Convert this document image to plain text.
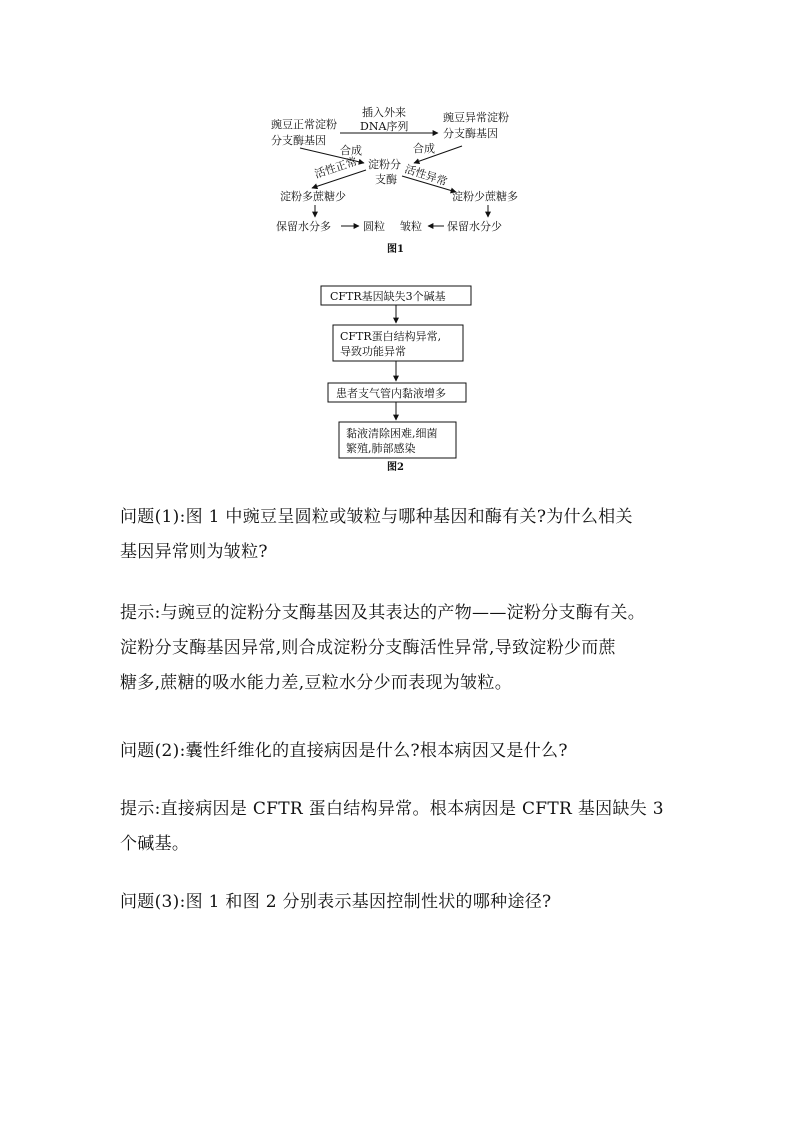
豌豆正常淀粉
分支酶基因
插入外来
DNA序列
豌豆异常淀粉
分支酶基因
合成	合成
淀粉分
支酶
活性正常	活性异常
淀粉多蔗糖少	淀粉少蔗糖多
保留水分多	圆粒 皱粒 保留水分少
图1
CFTR基因缺失3个碱基
CFTR蛋白结构异常,
导致功能异常
患者支气管内黏液增多
黏液清除困难,细菌
繁殖,肺部感染
图2

问题(1):图 1 中豌豆呈圆粒或皱粒与哪种基因和酶有关?为什么相关
基因异常则为皱粒?

提示:与豌豆的淀粉分支酶基因及其表达的产物——淀粉分支酶有关。
淀粉分支酶基因异常,则合成淀粉分支酶活性异常,导致淀粉少而蔗
糖多,蔗糖的吸水能力差,豆粒水分少而表现为皱粒。

问题(2):囊性纤维化的直接病因是什么?根本病因又是什么?

提示:直接病因是 CFTR 蛋白结构异常。根本病因是 CFTR 基因缺失 3
个碱基。

问题(3):图 1 和图 2 分别表示基因控制性状的哪种途径?
